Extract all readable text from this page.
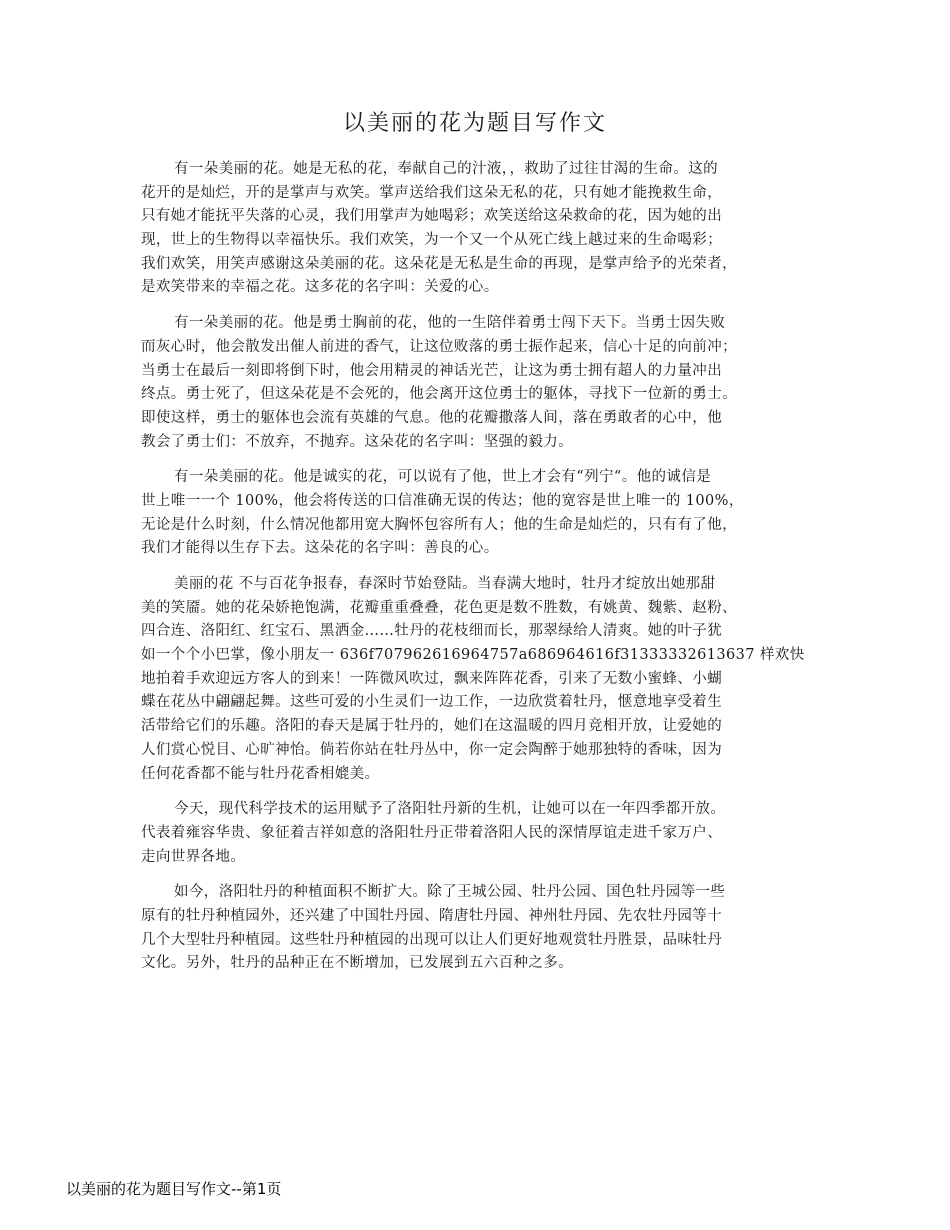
以美丽的花为题目写作文
有一朵美丽的花。她是无私的花，奉献自己的汁液，，救助了过往甘渴的生命。这的
花开的是灿烂，开的是掌声与欢笑。掌声送给我们这朵无私的花，只有她才能挽救生命，
只有她才能抚平失落的心灵，我们用掌声为她喝彩；欢笑送给这朵救命的花，因为她的出
现，世上的生物得以幸福快乐。我们欢笑，为一个又一个从死亡线上越过来的生命喝彩；
我们欢笑，用笑声感谢这朵美丽的花。这朵花是无私是生命的再现，是掌声给予的光荣者，
是欢笑带来的幸福之花。这多花的名字叫：关爱的心。
有一朵美丽的花。他是勇士胸前的花，他的一生陪伴着勇士闯下天下。当勇士因失败
而灰心时，他会散发出催人前进的香气，让这位败落的勇士振作起来，信心十足的向前冲；
当勇士在最后一刻即将倒下时，他会用精灵的神话光芒，让这为勇士拥有超人的力量冲出
终点。勇士死了，但这朵花是不会死的，他会离开这位勇士的躯体，寻找下一位新的勇士。
即使这样，勇士的躯体也会流有英雄的气息。他的花瓣撒落人间，落在勇敢者的心中，他
教会了勇士们：不放弃，不抛弃。这朵花的名字叫：坚强的毅力。
有一朵美丽的花。他是诚实的花，可以说有了他，世上才会有“列宁“。他的诚信是
世上唯一一个 100%，他会将传送的口信准确无误的传达；他的宽容是世上唯一的 100%，
无论是什么时刻，什么情况他都用宽大胸怀包容所有人；他的生命是灿烂的，只有有了他，
我们才能得以生存下去。这朵花的名字叫：善良的心。
美丽的花 不与百花争报春，春深时节始登陆。当春满大地时，牡丹才绽放出她那甜
美的笑靥。她的花朵娇艳饱满，花瓣重重叠叠，花色更是数不胜数，有姚黄、魏紫、赵粉、
四合连、洛阳红、红宝石、黑洒金……牡丹的花枝细而长，那翠绿给人清爽。她的叶子犹
如一个个小巴掌，像小朋友一 636f707962616964757a686964616f31333332613637 样欢快
地拍着手欢迎远方客人的到来！一阵微风吹过，飘来阵阵花香，引来了无数小蜜蜂、小蝴
蝶在花丛中翩翩起舞。这些可爱的小生灵们一边工作，一边欣赏着牡丹，惬意地享受着生
活带给它们的乐趣。洛阳的春天是属于牡丹的，她们在这温暖的四月竞相开放，让爱她的
人们赏心悦目、心旷神怡。倘若你站在牡丹丛中，你一定会陶醉于她那独特的香味，因为
任何花香都不能与牡丹花香相媲美。
今天，现代科学技术的运用赋予了洛阳牡丹新的生机，让她可以在一年四季都开放。
代表着雍容华贵、象征着吉祥如意的洛阳牡丹正带着洛阳人民的深情厚谊走进千家万户、
走向世界各地。
如今，洛阳牡丹的种植面积不断扩大。除了王城公园、牡丹公园、国色牡丹园等一些
原有的牡丹种植园外，还兴建了中国牡丹园、隋唐牡丹园、神州牡丹园、先农牡丹园等十
几个大型牡丹种植园。这些牡丹种植园的出现可以让人们更好地观赏牡丹胜景，品味牡丹
文化。另外，牡丹的品种正在不断增加，已发展到五六百种之多。
以美丽的花为题目写作文--第1页
